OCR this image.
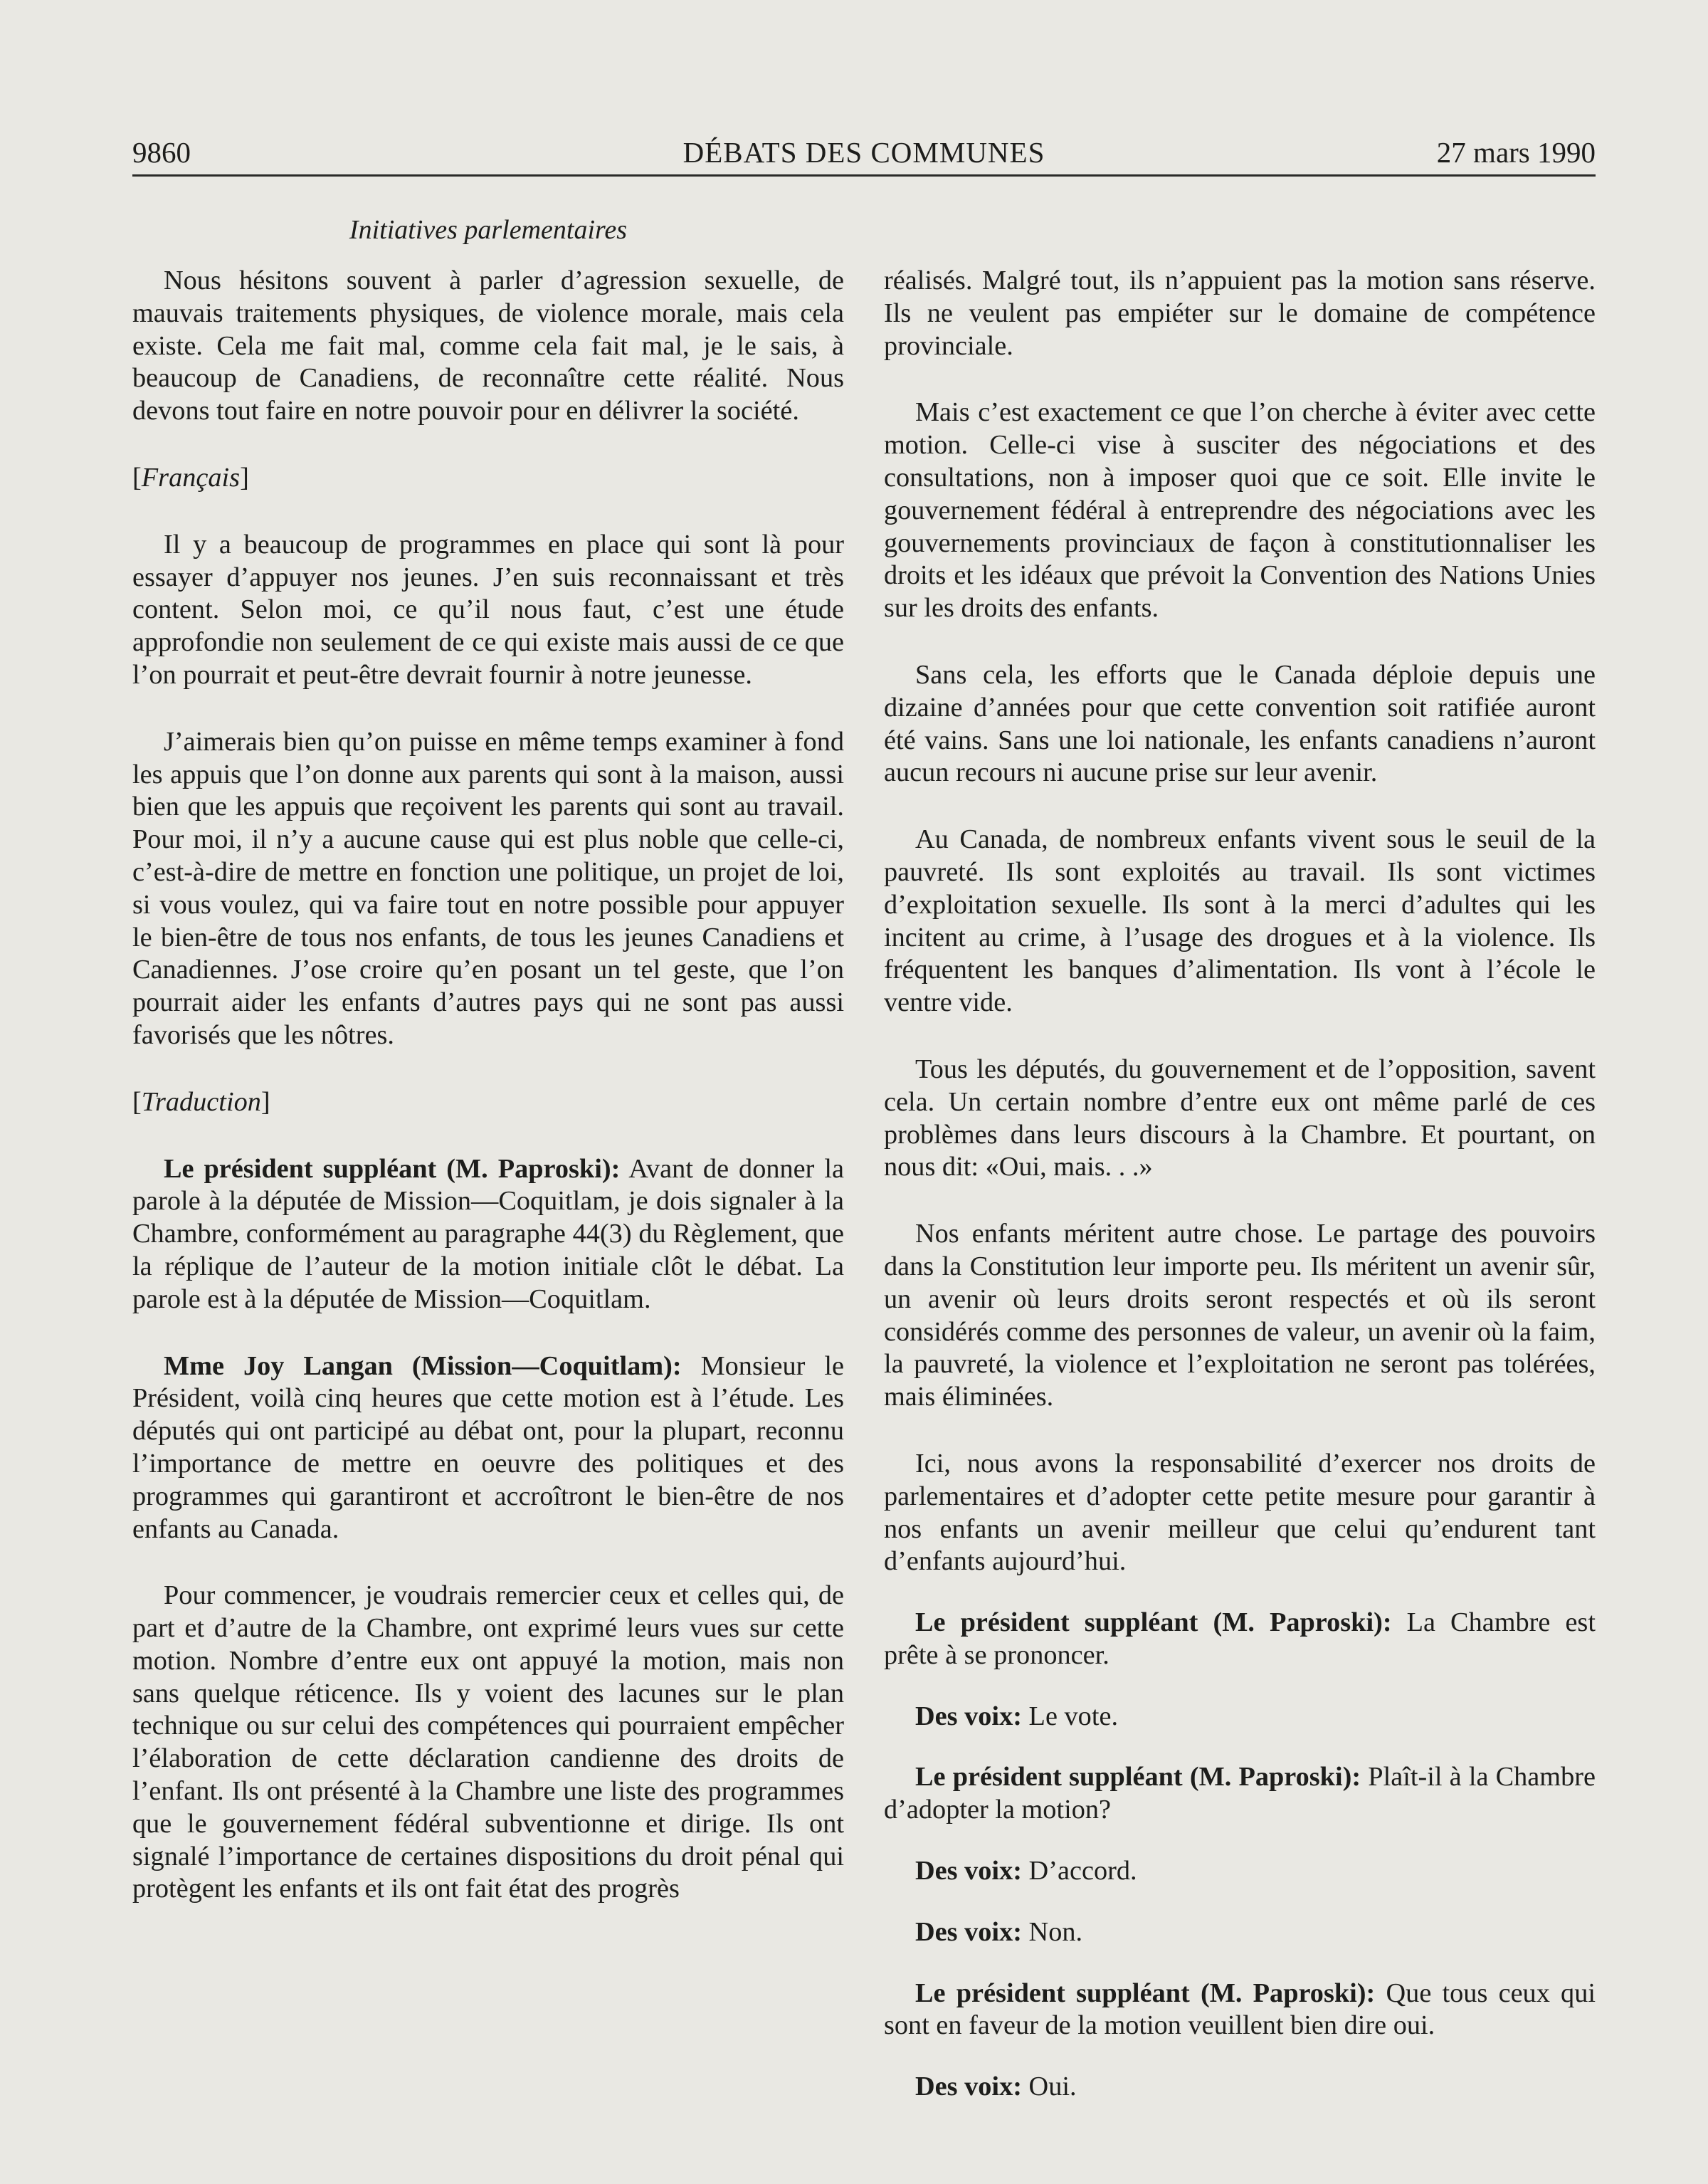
9860	DÉBATS DES COMMUNES	27 mars 1990
Initiatives parlementaires

Nous hésitons souvent à parler d’agression sexuelle, de mauvais traitements physiques, de violence morale, mais cela existe. Cela me fait mal, comme cela fait mal, je le sais, à beaucoup de Canadiens, de reconnaître cette réalité. Nous devons tout faire en notre pouvoir pour en délivrer la société.

[Français]

Il y a beaucoup de programmes en place qui sont là pour essayer d’appuyer nos jeunes. J’en suis reconnaissant et très content. Selon moi, ce qu’il nous faut, c’est une étude approfondie non seulement de ce qui existe mais aussi de ce que l’on pourrait et peut-être devrait fournir à notre jeunesse.

J’aimerais bien qu’on puisse en même temps examiner à fond les appuis que l’on donne aux parents qui sont à la maison, aussi bien que les appuis que reçoivent les parents qui sont au travail. Pour moi, il n’y a aucune cause qui est plus noble que celle-ci, c’est-à-dire de mettre en fonction une politique, un projet de loi, si vous voulez, qui va faire tout en notre possible pour appuyer le bien-être de tous nos enfants, de tous les jeunes Canadiens et Canadiennes. J’ose croire qu’en posant un tel geste, que l’on pourrait aider les enfants d’autres pays qui ne sont pas aussi favorisés que les nôtres.

[Traduction]

Le président suppléant (M. Paproski): Avant de donner la parole à la députée de Mission—Coquitlam, je dois signaler à la Chambre, conformément au paragraphe 44(3) du Règlement, que la réplique de l’auteur de la motion initiale clôt le débat. La parole est à la députée de Mission—Coquitlam.

Mme Joy Langan (Mission—Coquitlam): Monsieur le Président, voilà cinq heures que cette motion est à l’étude. Les députés qui ont participé au débat ont, pour la plupart, reconnu l’importance de mettre en oeuvre des politiques et des programmes qui garantiront et accroîtront le bien-être de nos enfants au Canada.

Pour commencer, je voudrais remercier ceux et celles qui, de part et d’autre de la Chambre, ont exprimé leurs vues sur cette motion. Nombre d’entre eux ont appuyé la motion, mais non sans quelque réticence. Ils y voient des lacunes sur le plan technique ou sur celui des compétences qui pourraient empêcher l’élaboration de cette déclaration candienne des droits de l’enfant. Ils ont présenté à la Chambre une liste des programmes que le gouvernement fédéral subventionne et dirige. Ils ont signalé l’importance de certaines dispositions du droit pénal qui protègent les enfants et ils ont fait état des progrès

réalisés. Malgré tout, ils n’appuient pas la motion sans réserve. Ils ne veulent pas empiéter sur le domaine de compétence provinciale.

Mais c’est exactement ce que l’on cherche à éviter avec cette motion. Celle-ci vise à susciter des négociations et des consultations, non à imposer quoi que ce soit. Elle invite le gouvernement fédéral à entreprendre des négociations avec les gouvernements provinciaux de façon à constitutionnaliser les droits et les idéaux que prévoit la Convention des Nations Unies sur les droits des enfants.

Sans cela, les efforts que le Canada déploie depuis une dizaine d’années pour que cette convention soit ratifiée auront été vains. Sans une loi nationale, les enfants canadiens n’auront aucun recours ni aucune prise sur leur avenir.

Au Canada, de nombreux enfants vivent sous le seuil de la pauvreté. Ils sont exploités au travail. Ils sont victimes d’exploitation sexuelle. Ils sont à la merci d’adultes qui les incitent au crime, à l’usage des drogues et à la violence. Ils fréquentent les banques d’alimentation. Ils vont à l’école le ventre vide.

Tous les députés, du gouvernement et de l’opposition, savent cela. Un certain nombre d’entre eux ont même parlé de ces problèmes dans leurs discours à la Chambre. Et pourtant, on nous dit: «Oui, mais. . .»

Nos enfants méritent autre chose. Le partage des pouvoirs dans la Constitution leur importe peu. Ils méritent un avenir sûr, un avenir où leurs droits seront respectés et où ils seront considérés comme des personnes de valeur, un avenir où la faim, la pauvreté, la violence et l’exploitation ne seront pas tolérées, mais éliminées.

Ici, nous avons la responsabilité d’exercer nos droits de parlementaires et d’adopter cette petite mesure pour garantir à nos enfants un avenir meilleur que celui qu’endurent tant d’enfants aujourd’hui.

Le président suppléant (M. Paproski): La Chambre est prête à se prononcer.

Des voix: Le vote.

Le président suppléant (M. Paproski): Plaît-il à la Chambre d’adopter la motion?

Des voix: D’accord.

Des voix: Non.

Le président suppléant (M. Paproski): Que tous ceux qui sont en faveur de la motion veuillent bien dire oui.

Des voix: Oui.
